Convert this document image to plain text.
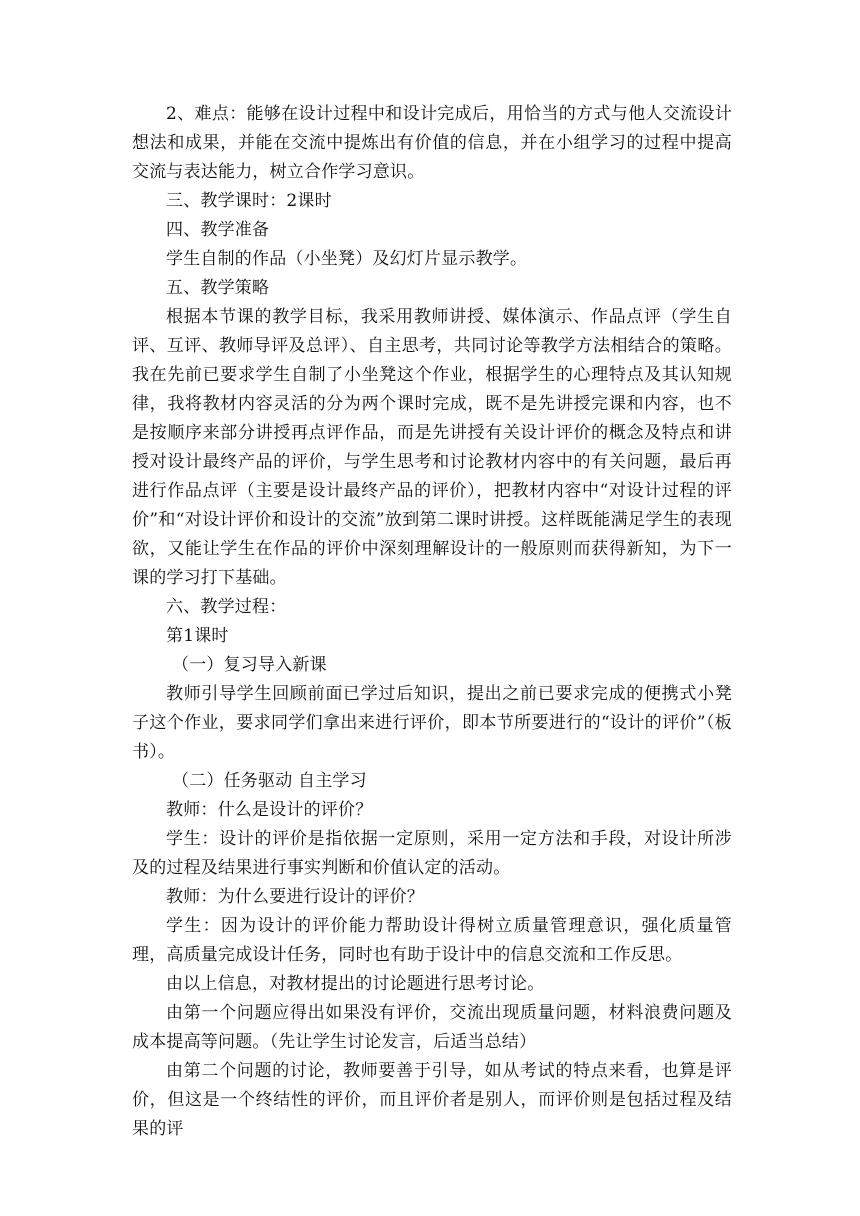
2、难点：能够在设计过程中和设计完成后，用恰当的方式与他人交流设计想法和成果，并能在交流中提炼出有价值的信息，并在小组学习的过程中提高交流与表达能力，树立合作学习意识。

三、教学课时：2课时

四、教学准备

学生自制的作品（小坐凳）及幻灯片显示教学。

五、教学策略

根据本节课的教学目标，我采用教师讲授、媒体演示、作品点评（学生自评、互评、教师导评及总评）、自主思考，共同讨论等教学方法相结合的策略。我在先前已要求学生自制了小坐凳这个作业，根据学生的心理特点及其认知规律，我将教材内容灵活的分为两个课时完成，既不是先讲授完课和内容，也不是按顺序来部分讲授再点评作品，而是先讲授有关设计评价的概念及特点和讲授对设计最终产品的评价，与学生思考和讨论教材内容中的有关问题，最后再进行作品点评（主要是设计最终产品的评价），把教材内容中“对设计过程的评价”和“对设计评价和设计的交流”放到第二课时讲授。这样既能满足学生的表现欲，又能让学生在作品的评价中深刻理解设计的一般原则而获得新知，为下一课的学习打下基础。

六、教学过程：

第1课时

（一）复习导入新课

教师引导学生回顾前面已学过后知识，提出之前已要求完成的便携式小凳子这个作业，要求同学们拿出来进行评价，即本节所要进行的“设计的评价”（板书）。

（二）任务驱动 自主学习

教师：什么是设计的评价？

学生：设计的评价是指依据一定原则，采用一定方法和手段，对设计所涉及的过程及结果进行事实判断和价值认定的活动。

教师：为什么要进行设计的评价？

学生：因为设计的评价能力帮助设计得树立质量管理意识，强化质量管理，高质量完成设计任务，同时也有助于设计中的信息交流和工作反思。

由以上信息，对教材提出的讨论题进行思考讨论。

由第一个问题应得出如果没有评价，交流出现质量问题，材料浪费问题及成本提高等问题。（先让学生讨论发言，后适当总结）

由第二个问题的讨论，教师要善于引导，如从考试的特点来看，也算是评价，但这是一个终结性的评价，而且评价者是别人，而评价则是包括过程及结果的评
